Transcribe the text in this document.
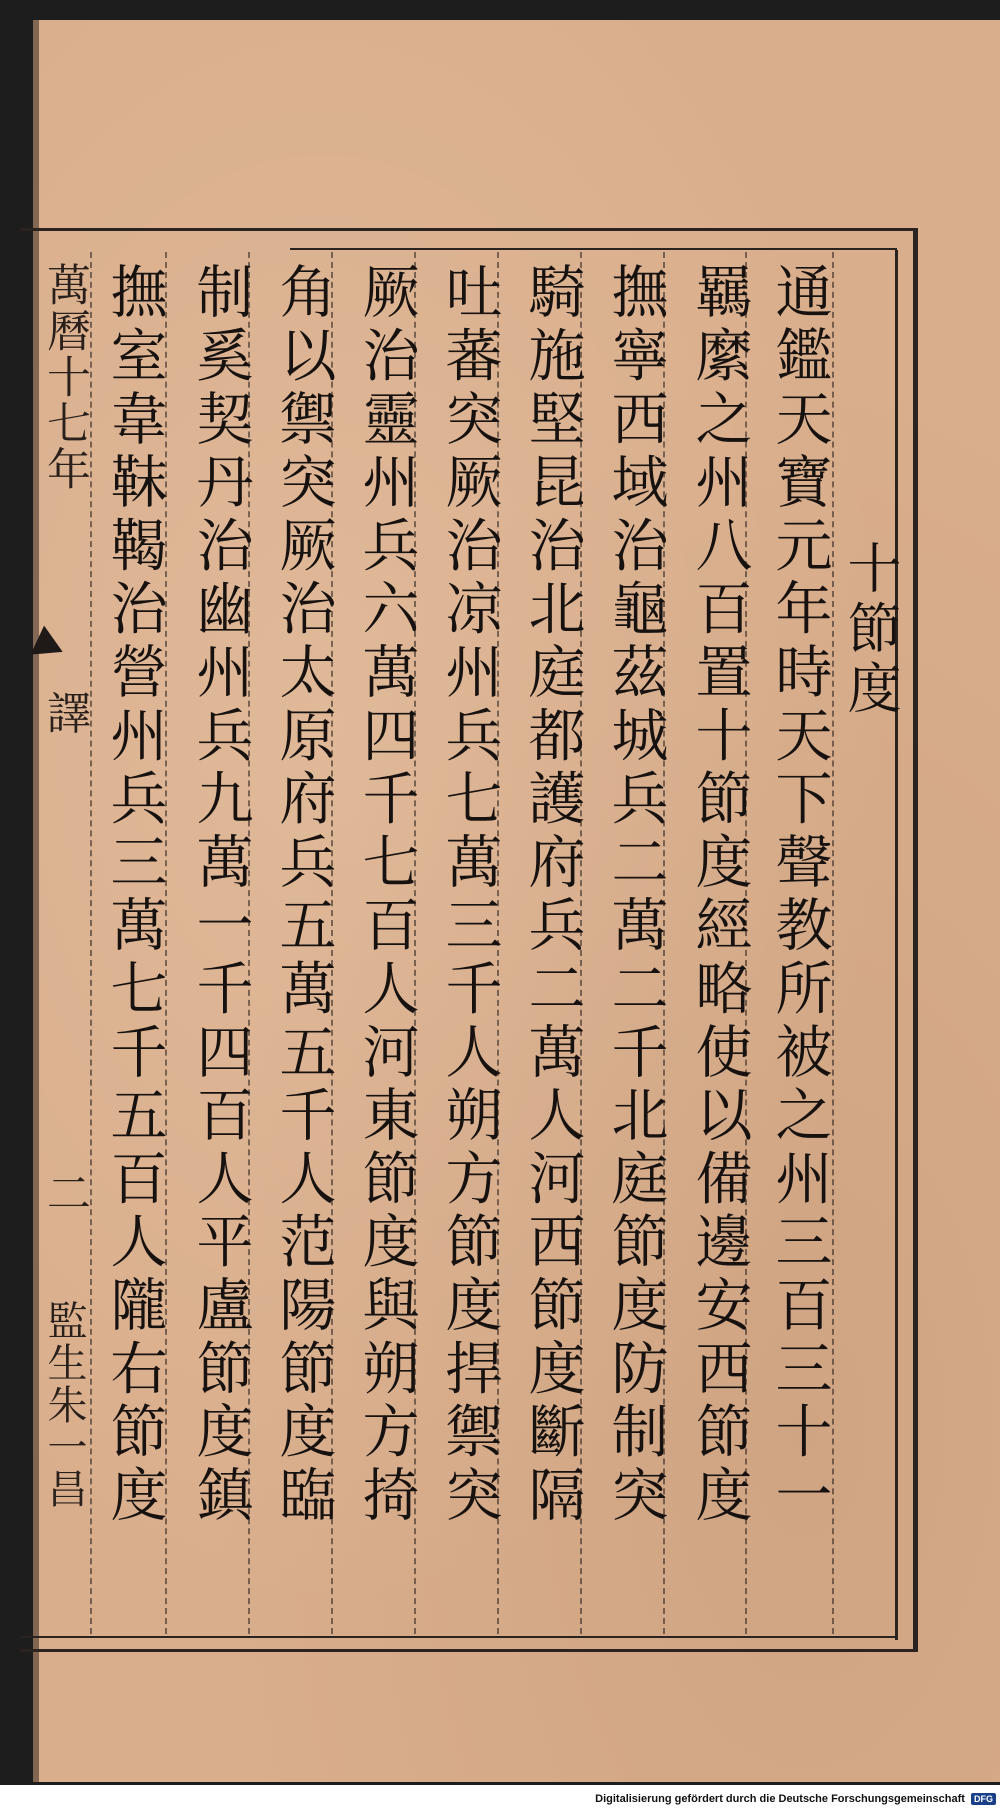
十節度
通鑑天寶元年時天下聲教所被之州三百三十一
羈縻之州八百置十節度經略使以備邊安西節度
撫寧西域治龜茲城兵二萬二千北庭節度防制突
騎施堅昆治北庭都護府兵二萬人河西節度斷隔
吐蕃突厥治凉州兵七萬三千人朔方節度捍禦突
厥治靈州兵六萬四千七百人河東節度與朔方掎
角以禦突厥治太原府兵五萬五千人范陽節度臨
制奚契丹治幽州兵九萬一千四百人平盧節度鎮
撫室韋靺鞨治營州兵三萬七千五百人隴右節度
萬曆十七年
譯
二
監生朱一昌
Digitalisierung gefördert durch die Deutsche Forschungsgemeinschaft DFG
